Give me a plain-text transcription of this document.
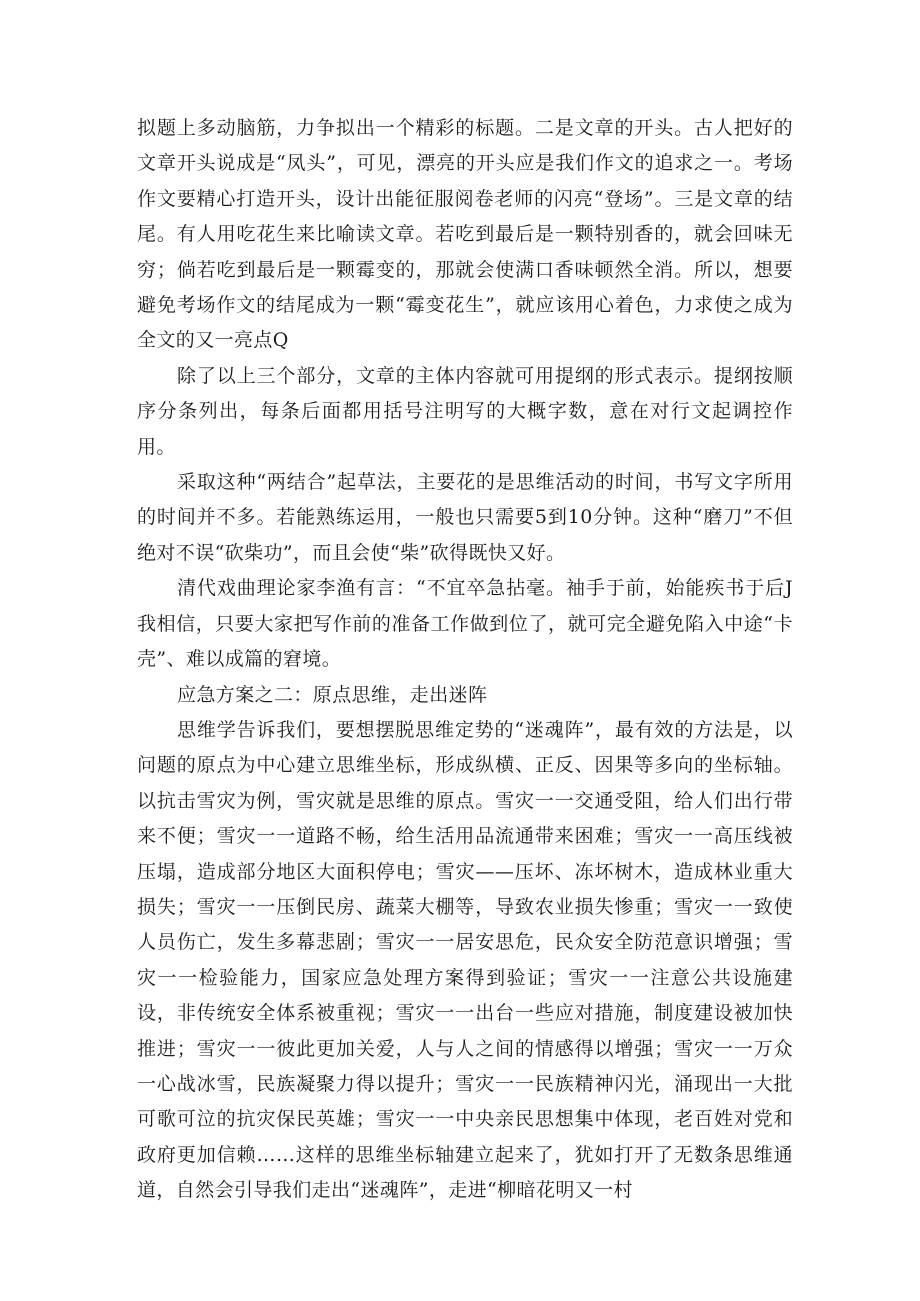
拟题上多动脑筋，力争拟出一个精彩的标题。二是文章的开头。古人把好的文章开头说成是“凤头”，可见，漂亮的开头应是我们作文的追求之一。考场作文要精心打造开头，设计出能征服阅卷老师的闪亮“登场”。三是文章的结尾。有人用吃花生来比喻读文章。若吃到最后是一颗特别香的，就会回味无穷；倘若吃到最后是一颗霉变的，那就会使满口香味顿然全消。所以，想要避免考场作文的结尾成为一颗“霉变花生”，就应该用心着色，力求使之成为全文的又一亮点Q

除了以上三个部分，文章的主体内容就可用提纲的形式表示。提纲按顺序分条列出，每条后面都用括号注明写的大概字数，意在对行文起调控作用。

采取这种“两结合”起草法，主要花的是思维活动的时间，书写文字所用的时间并不多。若能熟练运用，一般也只需要5到10分钟。这种“磨刀”不但绝对不误“砍柴功”，而且会使“柴”砍得既快又好。

清代戏曲理论家李渔有言：“不宜卒急拈毫。袖手于前，始能疾书于后J我相信，只要大家把写作前的准备工作做到位了，就可完全避免陷入中途“卡壳”、难以成篇的窘境。

应急方案之二：原点思维，走出迷阵

思维学告诉我们，要想摆脱思维定势的“迷魂阵”，最有效的方法是，以问题的原点为中心建立思维坐标，形成纵横、正反、因果等多向的坐标轴。以抗击雪灾为例，雪灾就是思维的原点。雪灾一一交通受阻，给人们出行带来不便；雪灾一一道路不畅，给生活用品流通带来困难；雪灾一一高压线被压塌，造成部分地区大面积停电；雪灾——压坏、冻坏树木，造成林业重大损失；雪灾一一压倒民房、蔬菜大棚等，导致农业损失惨重；雪灾一一致使人员伤亡，发生多幕悲剧；雪灾一一居安思危，民众安全防范意识增强；雪灾一一检验能力，国家应急处理方案得到验证；雪灾一一注意公共设施建设，非传统安全体系被重视；雪灾一一出台一些应对措施，制度建设被加快推进；雪灾一一彼此更加关爱，人与人之间的情感得以增强；雪灾一一万众一心战冰雪，民族凝聚力得以提升；雪灾一一民族精神闪光，涌现出一大批可歌可泣的抗灾保民英雄；雪灾一一中央亲民思想集中体现，老百姓对党和政府更加信赖……这样的思维坐标轴建立起来了，犹如打开了无数条思维通道，自然会引导我们走出“迷魂阵”，走进“柳暗花明又一村
